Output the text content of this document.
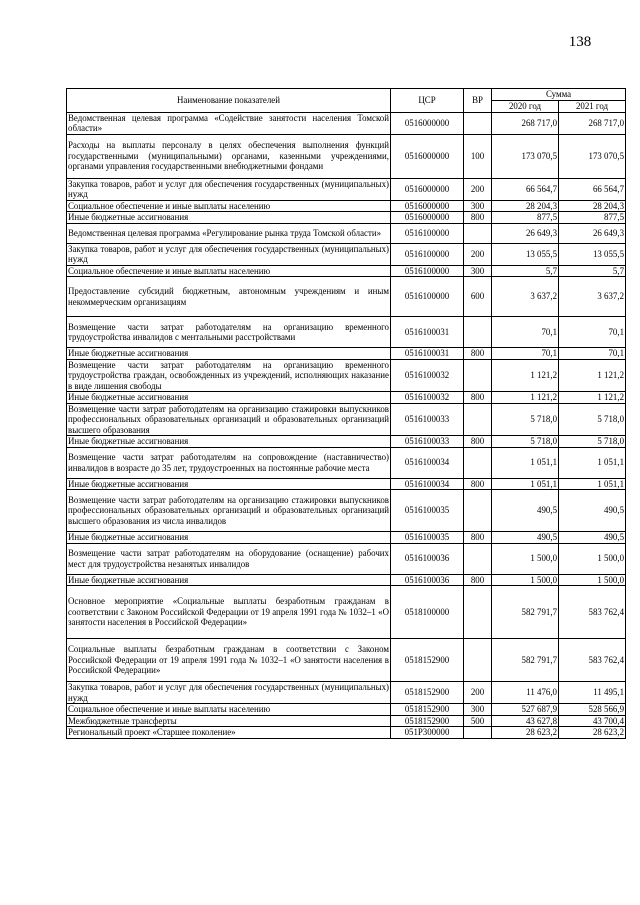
138
Наименование показателей	ЦСР	ВР	Сумма	
			2020 год	2021 год
Ведомственная целевая программа «Содействие занятости населения Томской области»	0516000000		268 717,0	268 717,0
Расходы на выплаты персоналу в целях обеспечения выполнения функций государственными (муниципальными) органами, казенными учреждениями, органами управления государственными внебюджетными фондами	0516000000	100	173 070,5	173 070,5
Закупка товаров, работ и услуг для обеспечения государственных (муниципальных) нужд	0516000000	200	66 564,7	66 564,7
Социальное обеспечение и иные выплаты населению	0516000000	300	28 204,3	28 204,3
Иные бюджетные ассигнования	0516000000	800	877,5	877,5
Ведомственная целевая программа «Регулирование рынка труда Томской области»	0516100000		26 649,3	26 649,3
Закупка товаров, работ и услуг для обеспечения государственных (муниципальных) нужд	0516100000	200	13 055,5	13 055,5
Социальное обеспечение и иные выплаты населению	0516100000	300	5,7	5,7
Предоставление субсидий бюджетным, автономным учреждениям и иным некоммерческим организациям	0516100000	600	3 637,2	3 637,2
Возмещение части затрат работодателям на организацию временного трудоустройства инвалидов с ментальными расстройствами	0516100031		70,1	70,1
Иные бюджетные ассигнования	0516100031	800	70,1	70,1
Возмещение части затрат работодателям на организацию временного трудоустройства граждан, освобожденных из учреждений, исполняющих наказание в виде лишения свободы	0516100032		1 121,2	1 121,2
Иные бюджетные ассигнования	0516100032	800	1 121,2	1 121,2
Возмещение части затрат работодателям на организацию стажировки выпускников профессиональных образовательных организаций и образовательных организаций высшего образования	0516100033		5 718,0	5 718,0
Иные бюджетные ассигнования	0516100033	800	5 718,0	5 718,0
Возмещение части затрат работодателям на сопровождение (наставничество) инвалидов в возрасте до 35 лет, трудоустроенных на постоянные рабочие места	0516100034		1 051,1	1 051,1
Иные бюджетные ассигнования	0516100034	800	1 051,1	1 051,1
Возмещение части затрат работодателям на организацию стажировки выпускников профессиональных образовательных организаций и образовательных организаций высшего образования из числа инвалидов	0516100035		490,5	490,5
Иные бюджетные ассигнования	0516100035	800	490,5	490,5
Возмещение части затрат работодателям на оборудование (оснащение) рабочих мест для трудоустройства незанятых инвалидов	0516100036		1 500,0	1 500,0
Иные бюджетные ассигнования	0516100036	800	1 500,0	1 500,0
Основное мероприятие «Социальные выплаты безработным гражданам в соответствии с Законом Российской Федерации от 19 апреля 1991 года № 1032–1 «О занятости населения в Российской Федерации»	0518100000		582 791,7	583 762,4
Социальные выплаты безработным гражданам в соответствии с Законом Российской Федерации от 19 апреля 1991 года № 1032–1 «О занятости населения в Российской Федерации»	0518152900		582 791,7	583 762,4
Закупка товаров, работ и услуг для обеспечения государственных (муниципальных) нужд	0518152900	200	11 476,0	11 495,1
Социальное обеспечение и иные выплаты населению	0518152900	300	527 687,9	528 566,9
Межбюджетные трансферты	0518152900	500	43 627,8	43 700,4
Региональный проект «Старшее поколение»	051P300000		28 623,2	28 623,2
